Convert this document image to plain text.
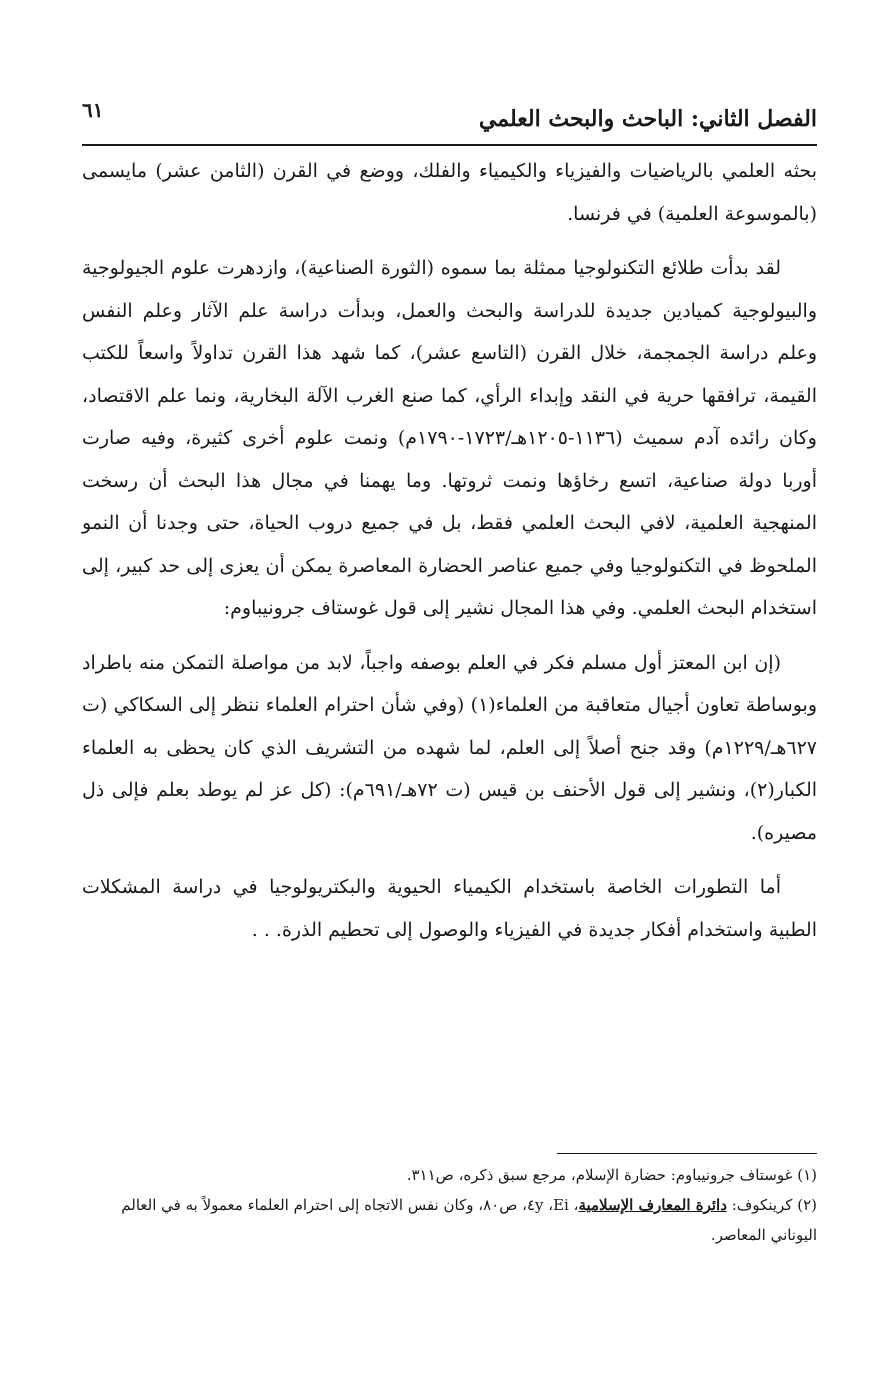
٦١	الفصل الثاني: الباحث والبحث العلمي

بحثه العلمي بالرياضيات والفيزياء والكيمياء والفلك، ووضع في القرن (الثامن عشر) مايسمى (بالموسوعة العلمية) في فرنسا.

لقد بدأت طلائع التكنولوجيا ممثلة بما سموه (الثورة الصناعية)، وازدهرت علوم الجيولوجية والبيولوجية كميادين جديدة للدراسة والبحث والعمل، وبدأت دراسة علم الآثار وعلم النفس وعلم دراسة الجمجمة، خلال القرن (التاسع عشر)، كما شهد هذا القرن تداولاً واسعاً للكتب القيمة، ترافقها حرية في النقد وإبداء الرأي، كما صنع الغرب الآلة البخارية، ونما علم الاقتصاد، وكان رائده آدم سميث (١١٣٦-١٢٠٥هـ/١٧٢٣-١٧٩٠م) ونمت علوم أخرى كثيرة، وفيه صارت أوربا دولة صناعية، اتسع رخاؤها ونمت ثروتها. وما يهمنا في مجال هذا البحث أن رسخت المنهجية العلمية، لافي البحث العلمي فقط، بل في جميع دروب الحياة، حتى وجدنا أن النمو الملحوظ في التكنولوجيا وفي جميع عناصر الحضارة المعاصرة يمكن أن يعزى إلى حد كبير، إلى استخدام البحث العلمي. وفي هذا المجال نشير إلى قول غوستاف جرونيباوم:

(إن ابن المعتز أول مسلم فكر في العلم بوصفه واجباً، لابد من مواصلة التمكن منه باطراد وبوساطة تعاون أجيال متعاقبة من العلماء(١) (وفي شأن احترام العلماء ننظر إلى السكاكي (ت ٦٢٧هـ/١٢٢٩م) وقد جنح أصلاً إلى العلم، لما شهده من التشريف الذي كان يحظى به العلماء الكبار(٢)، ونشير إلى قول الأحنف بن قيس (ت ٧٢هـ/٦٩١م): (كل عز لم يوطد بعلم فإلى ذل مصيره).

أما التطورات الخاصة باستخدام الكيمياء الحيوية والبكتريولوجيا في دراسة المشكلات الطبية واستخدام أفكار جديدة في الفيزياء والوصول إلى تحطيم الذرة. . .

(١) غوستاف جرونيباوم: حضارة الإسلام، مرجع سبق ذكره، ص٣١١.

(٢) كرينكوف: دائرة المعارف الإسلامية، Ei، ٤y، ص٨٠، وكان نفس الاتجاه إلى احترام العلماء معمولاً به في العالم اليوناني المعاصر.
